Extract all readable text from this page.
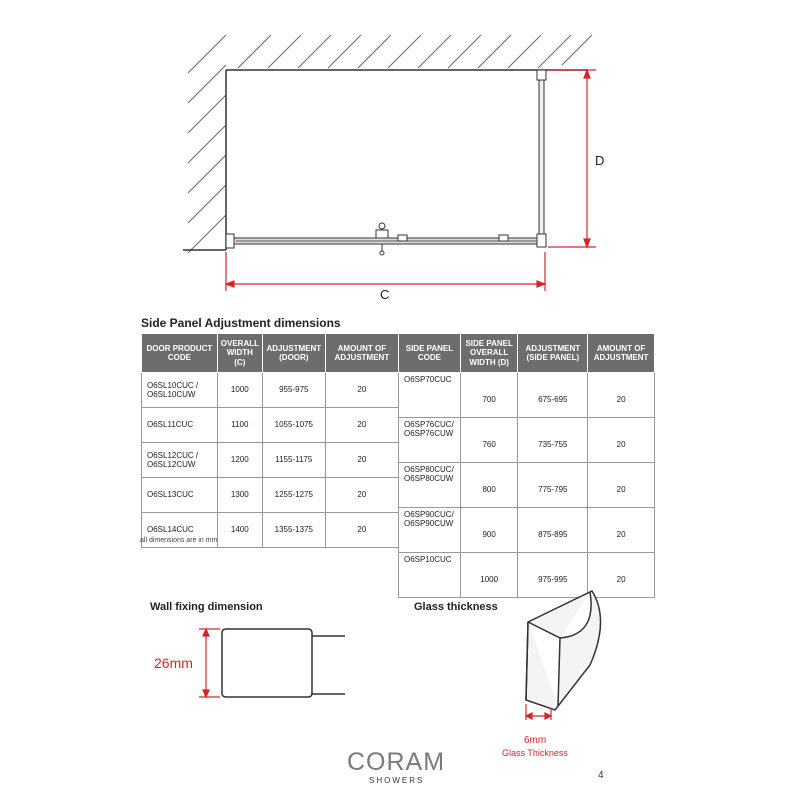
C
D
Side Panel Adjustment dimensions
DOOR PRODUCT CODE	OVERALL WIDTH (C)	ADJUSTMENT (DOOR)	AMOUNT OF ADJUSTMENT
O6SL10CUC / O6SL10CUW	1000	955-975	20
O6SL11CUC	1100	1055-1075	20
O6SL12CUC / O6SL12CUW	1200	1155-1175	20
O6SL13CUC	1300	1255-1275	20
O6SL14CUC	1400	1355-1375	20
SIDE PANEL CODE	SIDE PANEL OVERALL WIDTH (D)	ADJUSTMENT (SIDE PANEL)	AMOUNT OF ADJUSTMENT
O6SP70CUC	700	675-695	20
O6SP76CUC/ O6SP76CUW	760	735-755	20
O6SP80CUC/ O6SP80CUW	800	775-795	20
O6SP90CUC/ O6SP90CUW	900	875-895	20
O6SP10CUC	1000	975-995	20
all dimensions are in mm
Wall fixing dimension
26mm
Glass thickness
6mm
Glass Thickness
CORAM
SHOWERS	4
